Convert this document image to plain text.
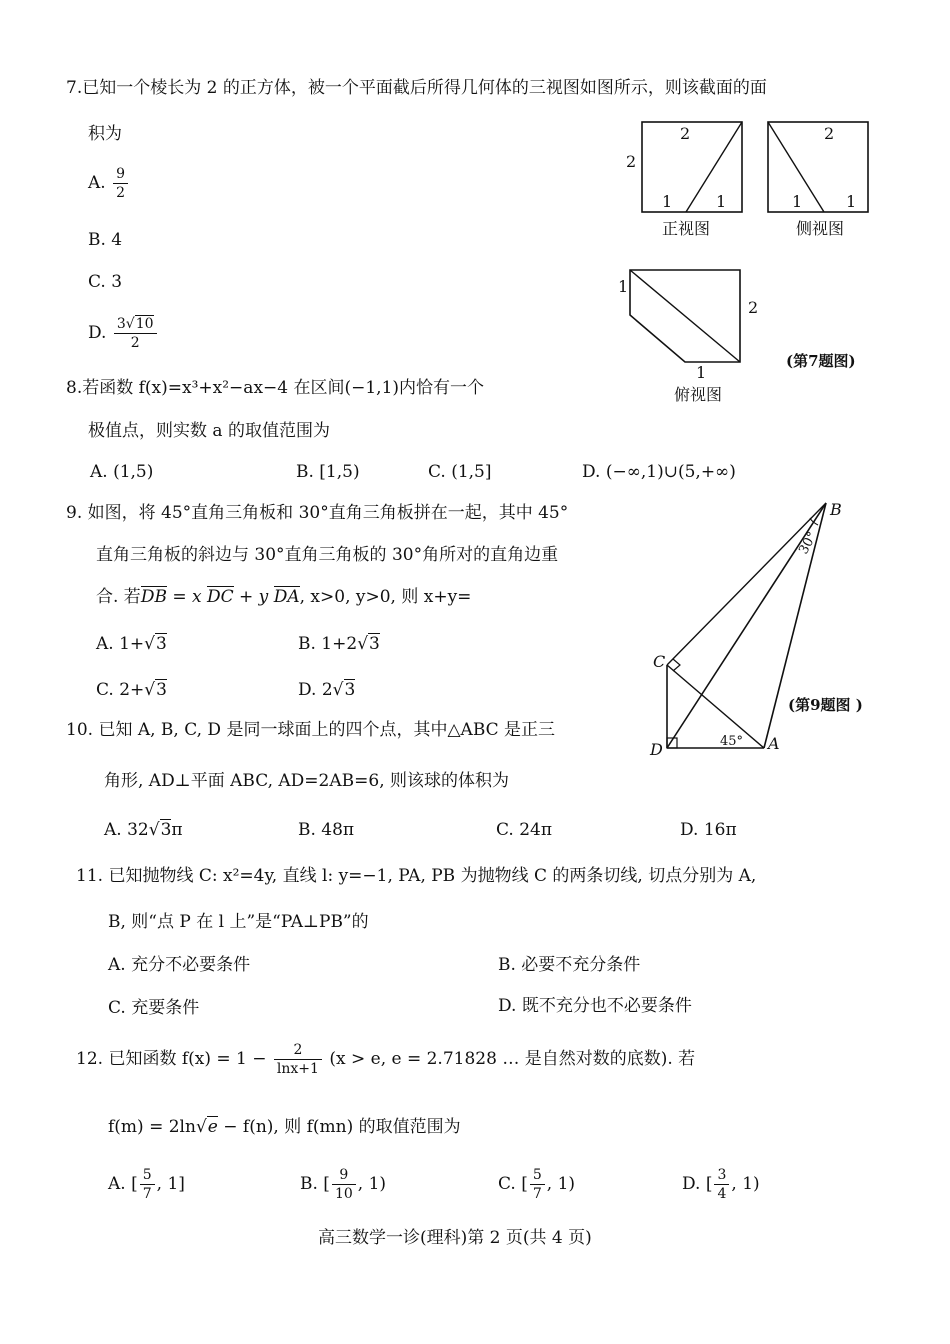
7.已知一个棱长为 2 的正方体，被一个平面截后所得几何体的三视图如图所示，则该截面的面
积为
A. $\frac{9}{2}$
B. 4
C. 3
D. $\frac{3√10}{2}$
2
2
1	1
正视图
2
1	1
侧视图
1
2
1
俯视图
(第7题图)
8.若函数 f(x)=x³+x²−ax−4 在区间(−1,1)内恰有一个
极值点，则实数 a 的取值范围为
A. (1,5)	B. [1,5)	C. (1,5]	D. (−∞,1)∪(5,+∞)
9. 如图，将 45°直角三角板和 30°直角三角板拼在一起，其中 45°
直角三角板的斜边与 30°直角三角板的 30°角所对的直角边重
合. 若DB = x DC + y DA, x>0, y>0, 则 x+y=
A. 1+√3	B. 1+2√3
C. 2+√3	D. 2√3
B
C
D	A
30°
45°
(第9题图 )
10. 已知 A, B, C, D 是同一球面上的四个点，其中△ABC 是正三
角形, AD⊥平面 ABC, AD=2AB=6, 则该球的体积为
A. 32√3π	B. 48π	C. 24π	D. 16π
11. 已知抛物线 C: x²=4y, 直线 l: y=−1, PA, PB 为抛物线 C 的两条切线, 切点分别为 A,
B, 则“点 P 在 l 上”是“PA⊥PB”的
A. 充分不必要条件	B. 必要不充分条件
C. 充要条件	D. 既不充分也不必要条件
12. 已知函数 $f(x) = 1 - \frac{2}{\ln x+1} (x > e$, e = 2.71828 … 是自然对数的底数). 若
f(m) = 2ln√e − f(n), 则 f(mn) 的取值范围为
A. [ $\frac{5}{7}$ , 1]	B. [ $\frac{9}{10}$ , 1)	C. [ $\frac{5}{7}$ , 1)	D. [ $\frac{3}{4}$ , 1)
高三数学一诊(理科)第 2 页(共 4 页)
